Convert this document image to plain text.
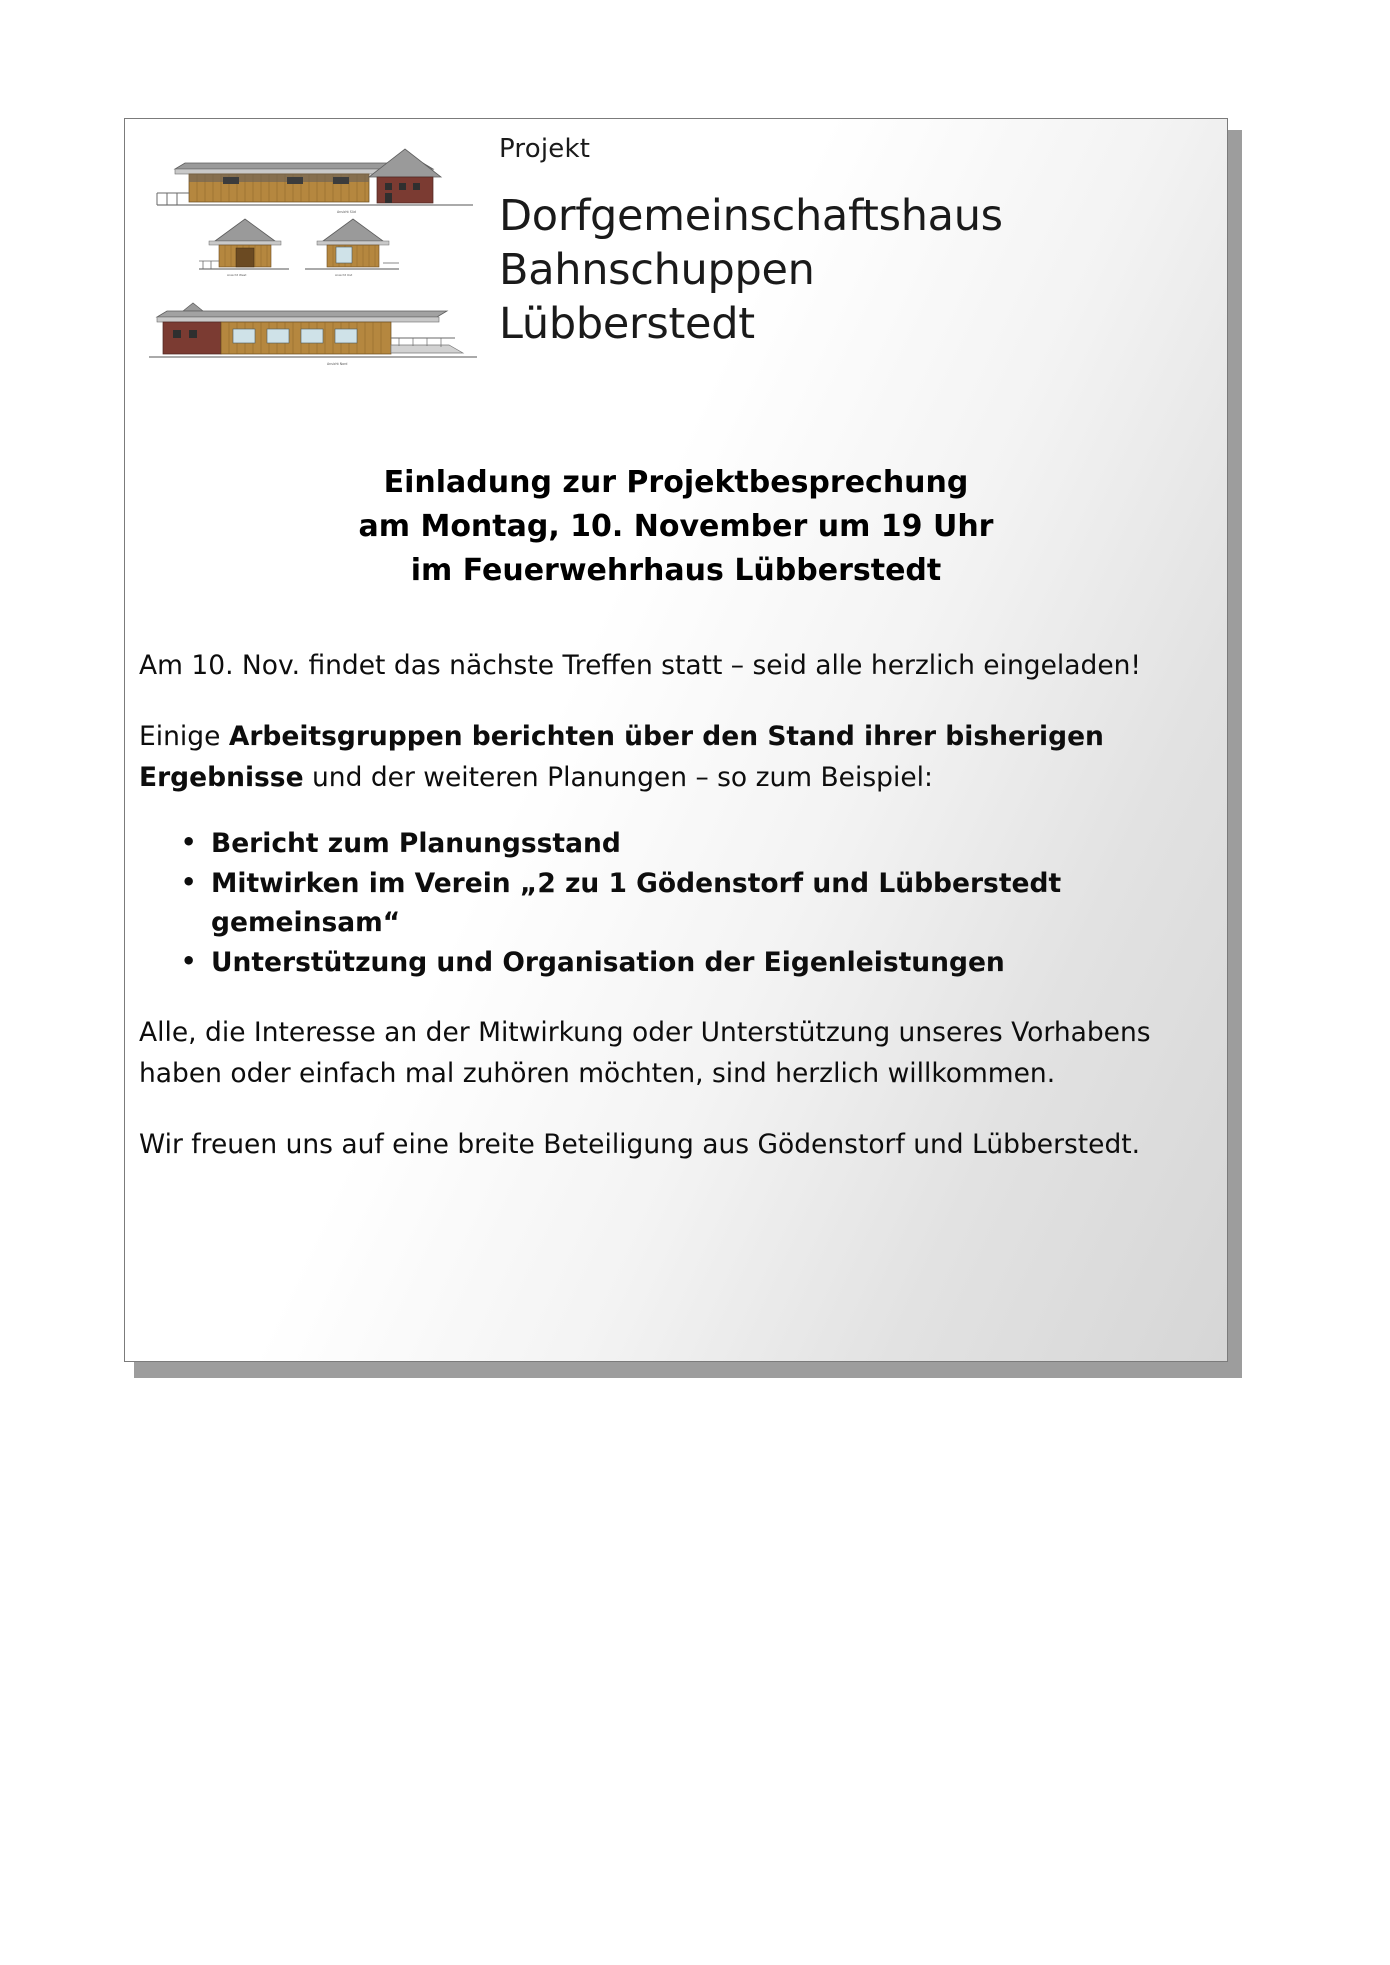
Ansicht Süd
Ansicht West	Ansicht Ost
Ansicht Nord
Projekt
Dorfgemeinschaftshaus
Bahnschuppen
Lübberstedt
Einladung zur Projektbesprechung
am Montag, 10. November um 19 Uhr
im Feuerwehrhaus Lübberstedt

Am 10. Nov. findet das nächste Treffen statt – seid alle herzlich eingeladen!

Einige Arbeitsgruppen berichten über den Stand ihrer bisherigen Ergebnisse und der weiteren Planungen – so zum Beispiel:

• Bericht zum Planungsstand
• Mitwirken im Verein „2 zu 1 Gödenstorf und Lübberstedt gemeinsam“
• Unterstützung und Organisation der Eigenleistungen

Alle, die Interesse an der Mitwirkung oder Unterstützung unseres Vorhabens haben oder einfach mal zuhören möchten, sind herzlich willkommen.

Wir freuen uns auf eine breite Beteiligung aus Gödenstorf und Lübberstedt.
